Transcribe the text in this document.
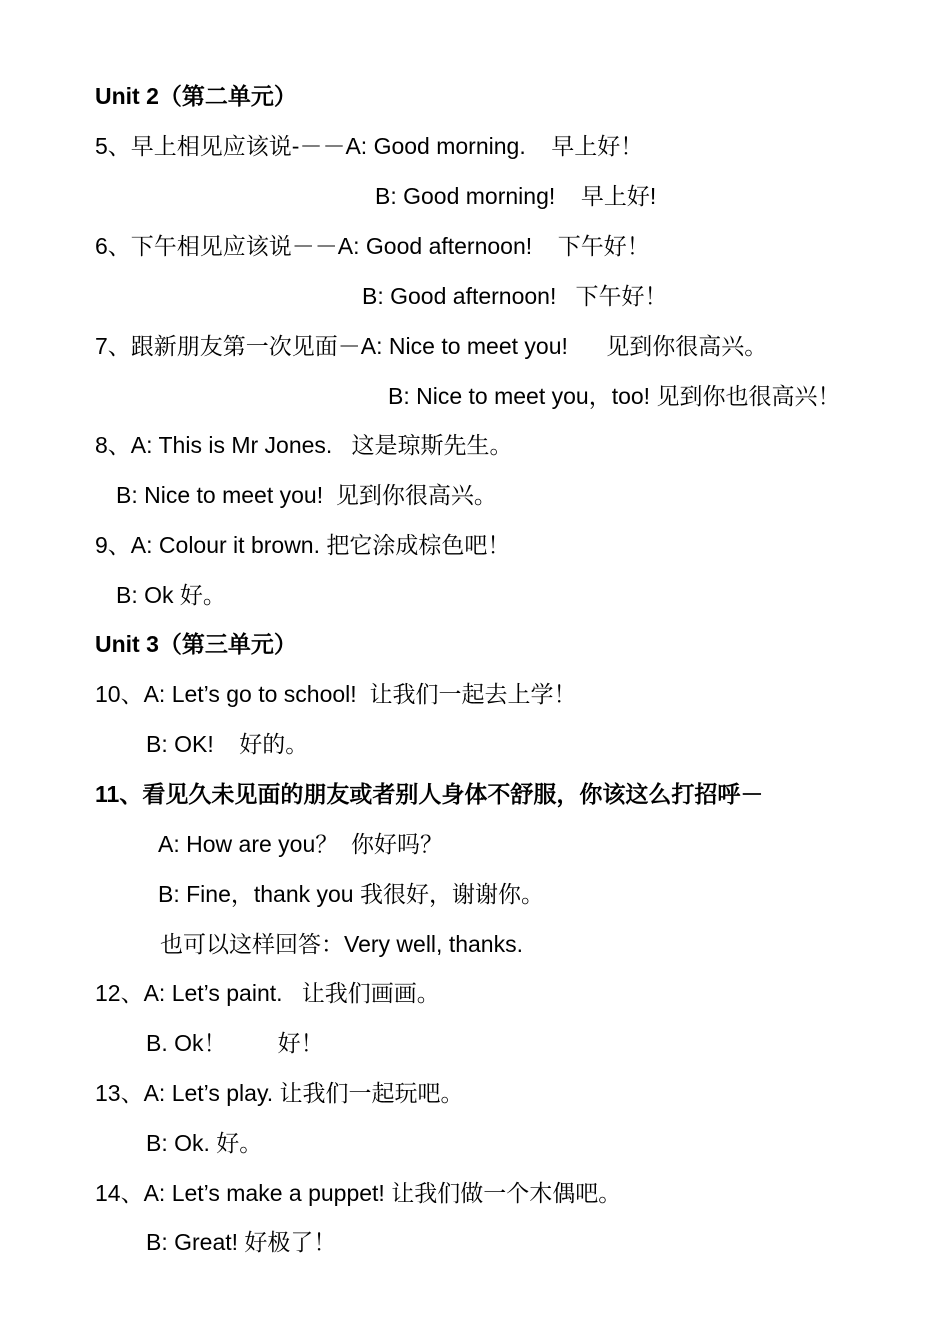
Unit 2（第二单元）
5、早上相见应该说-－－A: Good morning.    早上好！
B: Good morning!    早上好!
6、下午相见应该说－－A: Good afternoon!    下午好！
B: Good afternoon!   下午好！
7、跟新朋友第一次见面－A: Nice to meet you!      见到你很高兴。
B: Nice to meet you，too! 见到你也很高兴！
8、A: This is Mr Jones.   这是琼斯先生。
B: Nice to meet you!  见到你很高兴。
9、A: Colour it brown. 把它涂成棕色吧！
B: Ok 好。
Unit 3（第三单元）
10、A: Let’s go to school!  让我们一起去上学！
B: OK!    好的。
11、看见久未见面的朋友或者别人身体不舒服，你该这么打招呼－
A: How are you？  你好吗？
B: Fine，thank you 我很好，谢谢你。
也可以这样回答：Very well, thanks.
12、A: Let’s paint.   让我们画画。
B. Ok！        好！
13、A: Let’s play. 让我们一起玩吧。
B: Ok. 好。
14、A: Let’s make a puppet! 让我们做一个木偶吧。
B: Great! 好极了！
